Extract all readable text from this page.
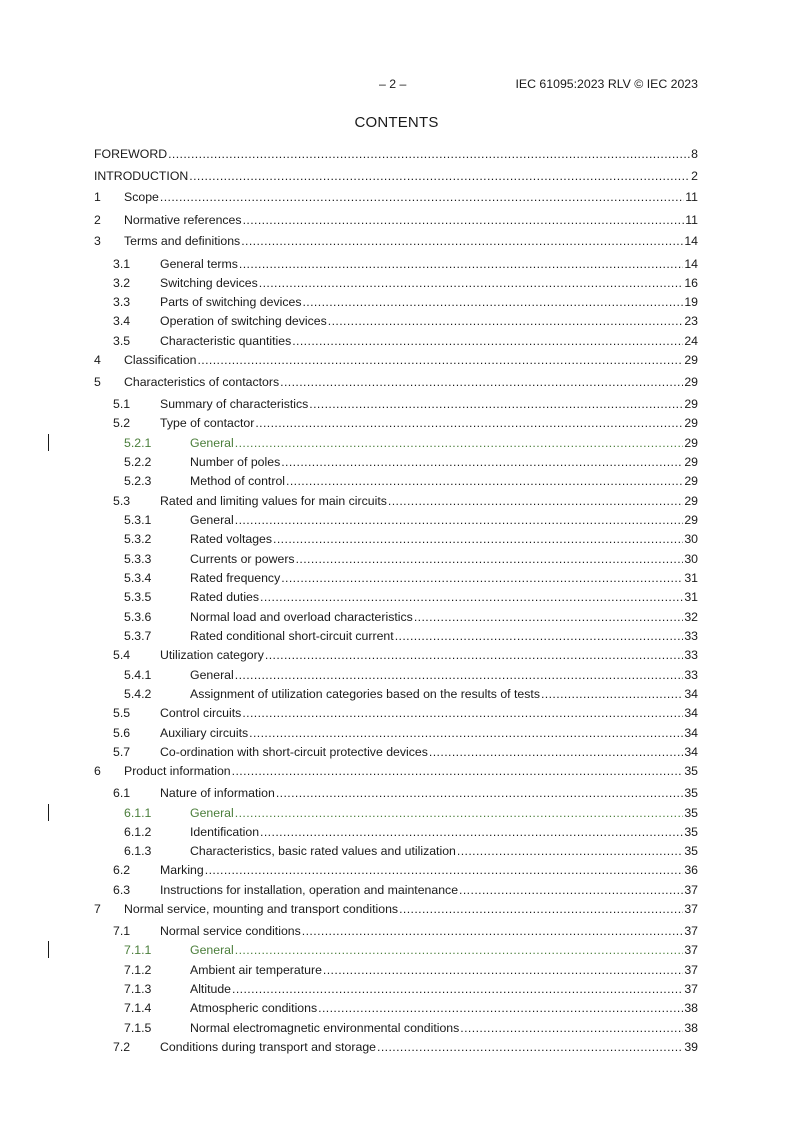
– 2 –	IEC 61095:2023 RLV © IEC 2023
CONTENTS
FOREWORD .....	8
INTRODUCTION .....	2
1 Scope .....	11
2 Normative references .....	11
3 Terms and definitions .....	14
3.1 General terms .....	14
3.2 Switching devices .....	16
3.3 Parts of switching devices .....	19
3.4 Operation of switching devices .....	23
3.5 Characteristic quantities .....	24
4 Classification .....	29
5 Characteristics of contactors .....	29
5.1 Summary of characteristics .....	29
5.2 Type of contactor .....	29
5.2.1	General .....	29
5.2.2	Number of poles .....	29
5.2.3	Method of control .....	29
5.3 Rated and limiting values for main circuits .....	29
5.3.1	General .....	29
5.3.2	Rated voltages .....	30
5.3.3	Currents or powers .....	30
5.3.4	Rated frequency .....	31
5.3.5	Rated duties .....	31
5.3.6	Normal load and overload characteristics .....	32
5.3.7	Rated conditional short-circuit current .....	33
5.4 Utilization category .....	33
5.4.1	General .....	33
5.4.2	Assignment of utilization categories based on the results of tests .....	34
5.5 Control circuits .....	34
5.6 Auxiliary circuits .....	34
5.7 Co-ordination with short-circuit protective devices .....	34
6 Product information .....	35
6.1 Nature of information .....	35
6.1.1	General .....	35
6.1.2	Identification .....	35
6.1.3	Characteristics, basic rated values and utilization .....	35
6.2 Marking .....	36
6.3 Instructions for installation, operation and maintenance .....	37
7 Normal service, mounting and transport conditions .....	37
7.1 Normal service conditions .....	37
7.1.1	General .....	37
7.1.2	Ambient air temperature .....	37
7.1.3	Altitude .....	37
7.1.4	Atmospheric conditions .....	38
7.1.5	Normal electromagnetic environmental conditions .....	38
7.2 Conditions during transport and storage .....	39
